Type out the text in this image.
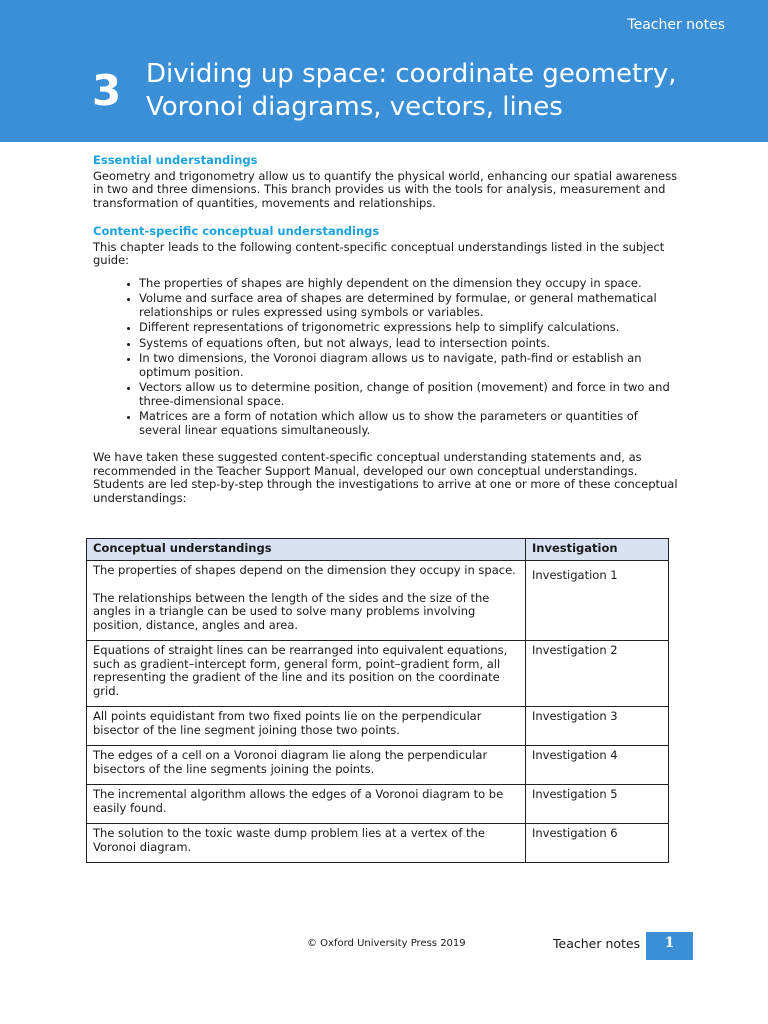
Teacher notes
3 Dividing up space: coordinate geometry,
Voronoi diagrams, vectors, lines
Essential understandings

Geometry and trigonometry allow us to quantify the physical world, enhancing our spatial awareness in two and three dimensions. This branch provides us with the tools for analysis, measurement and transformation of quantities, movements and relationships.

Content-specific conceptual understandings

This chapter leads to the following content-specific conceptual understandings listed in the subject guide:

• The properties of shapes are highly dependent on the dimension they occupy in space.
• Volume and surface area of shapes are determined by formulae, or general mathematical relationships or rules expressed using symbols or variables.
• Different representations of trigonometric expressions help to simplify calculations.
• Systems of equations often, but not always, lead to intersection points.
• In two dimensions, the Voronoi diagram allows us to navigate, path-find or establish an optimum position.
• Vectors allow us to determine position, change of position (movement) and force in two and three-dimensional space.
• Matrices are a form of notation which allow us to show the parameters or quantities of several linear equations simultaneously.

We have taken these suggested content-specific conceptual understanding statements and, as recommended in the Teacher Support Manual, developed our own conceptual understandings. Students are led step-by-step through the investigations to arrive at one or more of these conceptual understandings:

Conceptual understandings	Investigation
The properties of shapes depend on the dimension they occupy in space.
The relationships between the length of the sides and the size of the angles in a triangle can be used to solve many problems involving position, distance, angles and area.	Investigation 1
Equations of straight lines can be rearranged into equivalent equations, such as gradient–intercept form, general form, point–gradient form, all representing the gradient of the line and its position on the coordinate grid.	Investigation 2
All points equidistant from two fixed points lie on the perpendicular bisector of the line segment joining those two points.	Investigation 3
The edges of a cell on a Voronoi diagram lie along the perpendicular bisectors of the line segments joining the points.	Investigation 4
The incremental algorithm allows the edges of a Voronoi diagram to be easily found.	Investigation 5
The solution to the toxic waste dump problem lies at a vertex of the Voronoi diagram.	Investigation 6
© Oxford University Press 2019	Teacher notes	1
